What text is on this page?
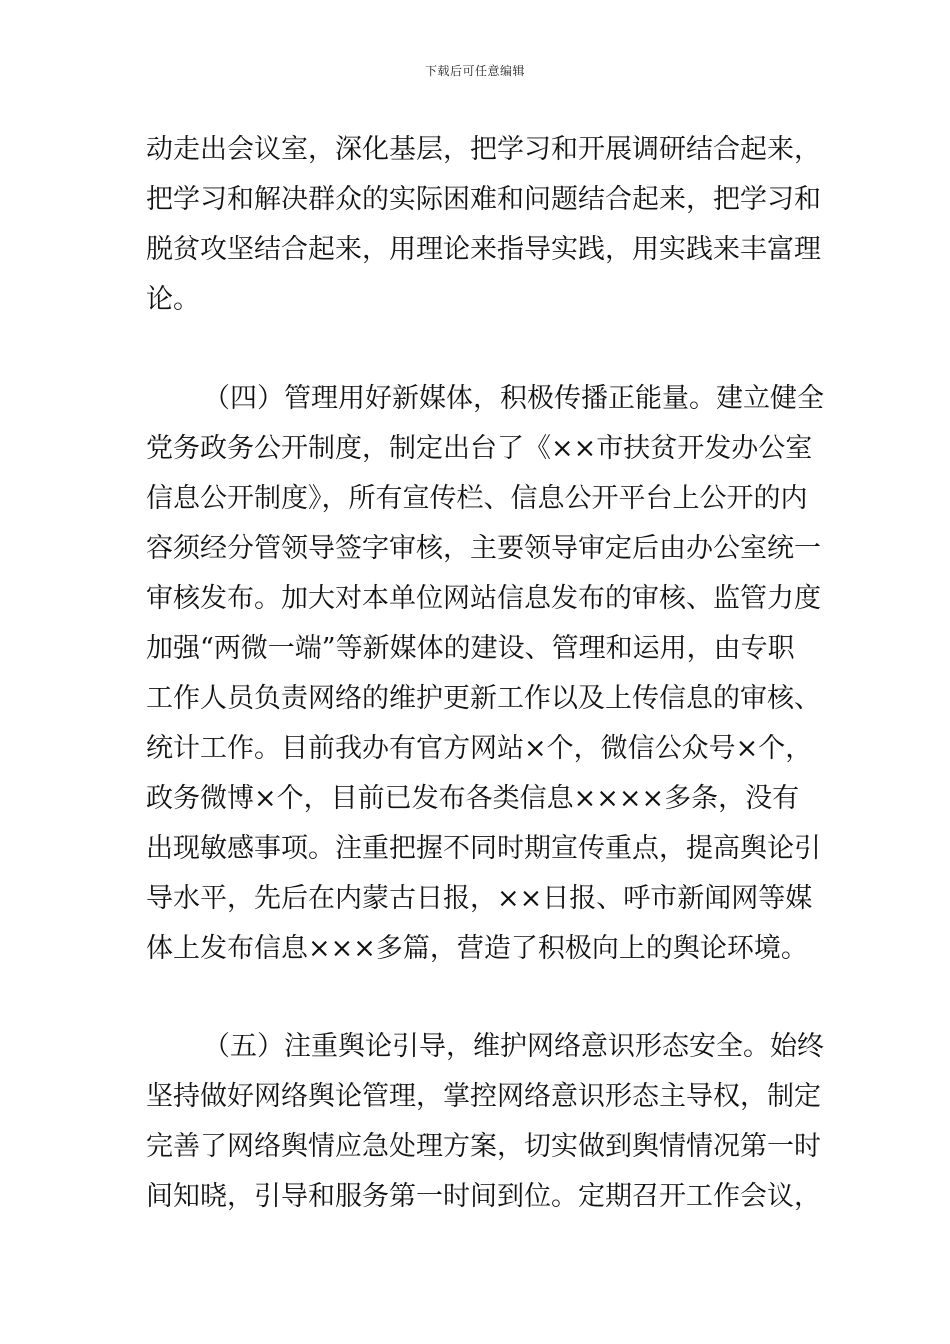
下载后可任意编辑
动走出会议室，深化基层，把学习和开展调研结合起来，
把学习和解决群众的实际困难和问题结合起来，把学习和
脱贫攻坚结合起来，用理论来指导实践，用实践来丰富理
论。
（四）管理用好新媒体，积极传播正能量。建立健全
党务政务公开制度，制定出台了《××市扶贫开发办公室
信息公开制度》，所有宣传栏、信息公开平台上公开的内
容须经分管领导签字审核，主要领导审定后由办公室统一
审核发布。加大对本单位网站信息发布的审核、监管力度
加强“两微一端”等新媒体的建设、管理和运用，由专职
工作人员负责网络的维护更新工作以及上传信息的审核、
统计工作。目前我办有官方网站×个，微信公众号×个，
政务微博×个，目前已发布各类信息××××多条，没有
出现敏感事项。注重把握不同时期宣传重点，提高舆论引
导水平，先后在内蒙古日报，××日报、呼市新闻网等媒
体上发布信息×××多篇，营造了积极向上的舆论环境。
（五）注重舆论引导，维护网络意识形态安全。始终
坚持做好网络舆论管理，掌控网络意识形态主导权，制定
完善了网络舆情应急处理方案，切实做到舆情情况第一时
间知晓，引导和服务第一时间到位。定期召开工作会议，
